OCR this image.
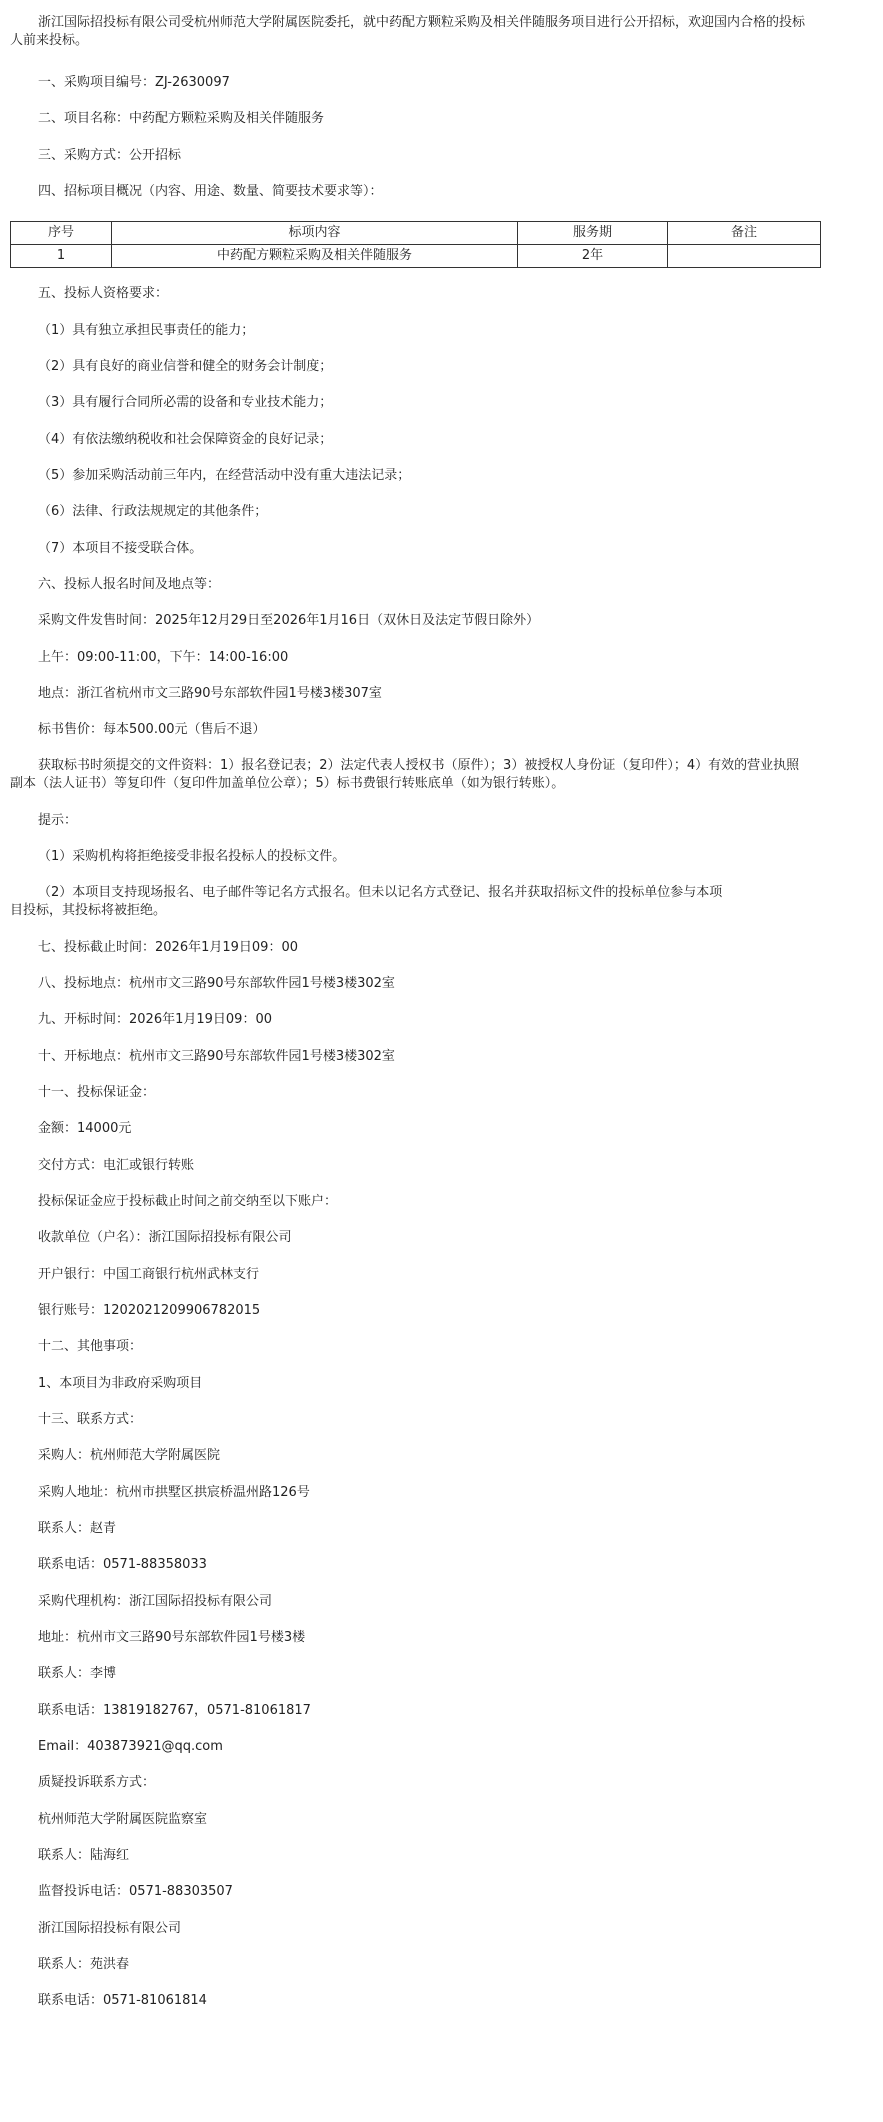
浙江国际招投标有限公司受杭州师范大学附属医院委托，就中药配方颗粒采购及相关伴随服务项目进行公开招标，欢迎国内合格的投标人前来投标。
一、采购项目编号：ZJ-2630097
二、项目名称：中药配方颗粒采购及相关伴随服务
三、采购方式：公开招标
四、招标项目概况（内容、用途、数量、简要技术要求等）：
序号	标项内容	服务期	备注
1	中药配方颗粒采购及相关伴随服务	2年	
五、投标人资格要求：
（1）具有独立承担民事责任的能力；
（2）具有良好的商业信誉和健全的财务会计制度；
（3）具有履行合同所必需的设备和专业技术能力；
（4）有依法缴纳税收和社会保障资金的良好记录；
（5）参加采购活动前三年内，在经营活动中没有重大违法记录；
（6）法律、行政法规规定的其他条件；
（7）本项目不接受联合体。
六、投标人报名时间及地点等：
采购文件发售时间：2025年12月29日至2026年1月16日（双休日及法定节假日除外）
上午：09:00-11:00，下午：14:00-16:00
地点：浙江省杭州市文三路90号东部软件园1号楼3楼307室
标书售价：每本500.00元（售后不退）
获取标书时须提交的文件资料：1）报名登记表；2）法定代表人授权书（原件）；3）被授权人身份证（复印件）；4）有效的营业执照副本（法人证书）等复印件（复印件加盖单位公章）；5）标书费银行转账底单（如为银行转账）。
提示：
（1）采购机构将拒绝接受非报名投标人的投标文件。
（2）本项目支持现场报名、电子邮件等记名方式报名。但未以记名方式登记、报名并获取招标文件的投标单位参与本项目投标，其投标将被拒绝。
七、投标截止时间：2026年1月19日09：00
八、投标地点：杭州市文三路90号东部软件园1号楼3楼302室
九、开标时间：2026年1月19日09：00
十、开标地点：杭州市文三路90号东部软件园1号楼3楼302室
十一、投标保证金：
金额：14000元
交付方式：电汇或银行转账
投标保证金应于投标截止时间之前交纳至以下账户：
收款单位（户名）：浙江国际招投标有限公司
开户银行：中国工商银行杭州武林支行
银行账号：1202021209906782015
十二、其他事项：
1、本项目为非政府采购项目
十三、联系方式：
采购人：杭州师范大学附属医院
采购人地址：杭州市拱墅区拱宸桥温州路126号
联系人：赵青
联系电话：0571-88358033
采购代理机构：浙江国际招投标有限公司
地址：杭州市文三路90号东部软件园1号楼3楼
联系人：李博
联系电话：13819182767，0571-81061817
Email：403873921@qq.com
质疑投诉联系方式：
杭州师范大学附属医院监察室
联系人：陆海红
监督投诉电话：0571-88303507
浙江国际招投标有限公司
联系人：苑洪春
联系电话：0571-81061814
